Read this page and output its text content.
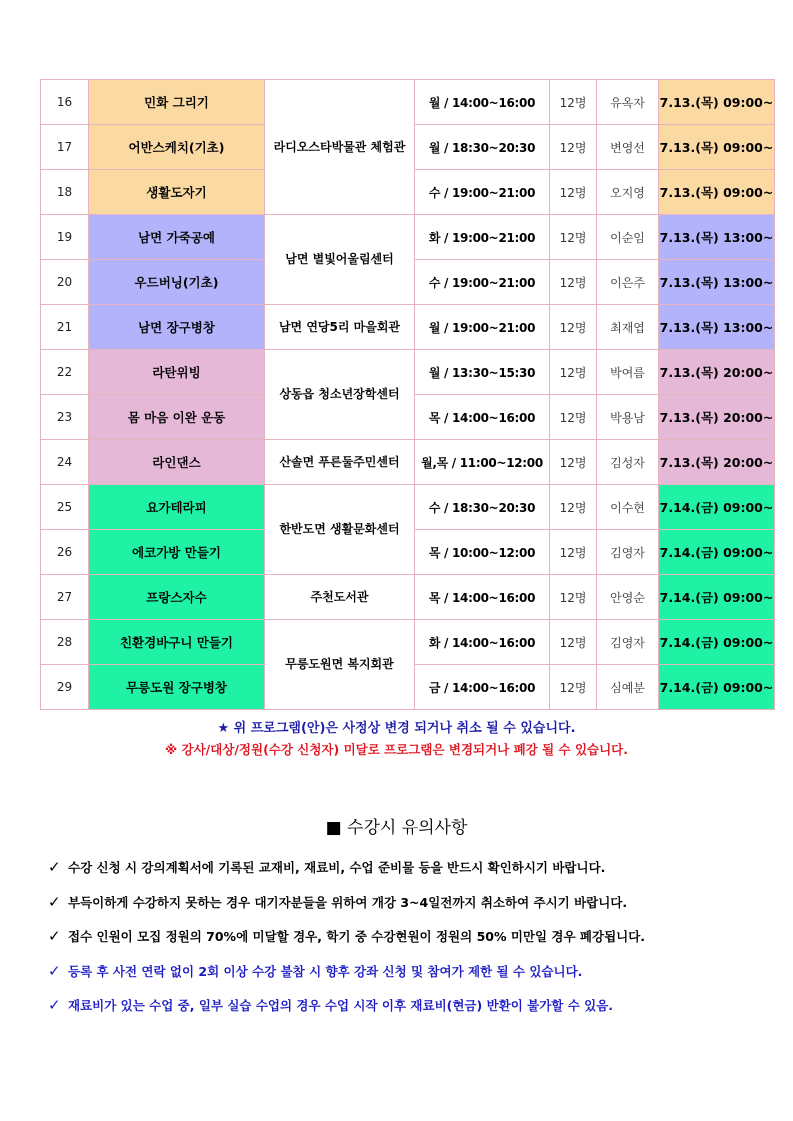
16	민화 그리기	라디오스타박물관 체험관	월 / 14:00~16:00	12명	유옥자	7.13.(목) 09:00~
17	어반스케치(기초)		월 / 18:30~20:30	12명	변영선	7.13.(목) 09:00~
18	생활도자기		수 / 19:00~21:00	12명	오지영	7.13.(목) 09:00~
19	남면 가죽공예	남면 별빛어울림센터	화 / 19:00~21:00	12명	이순임	7.13.(목) 13:00~
20	우드버닝(기초)		수 / 19:00~21:00	12명	이은주	7.13.(목) 13:00~
21	남면 장구병창	남면 연당5리 마을회관	월 / 19:00~21:00	12명	최재엽	7.13.(목) 13:00~
22	라탄위빙	상동읍 청소년장학센터	월 / 13:30~15:30	12명	박여름	7.13.(목) 20:00~
23	몸 마음 이완 운동		목 / 14:00~16:00	12명	박용남	7.13.(목) 20:00~
24	라인댄스	산솔면 푸른둘주민센터	월,목 / 11:00~12:00	12명	김성자	7.13.(목) 20:00~
25	요가테라피	한반도면 생활문화센터	수 / 18:30~20:30	12명	이수현	7.14.(금) 09:00~
26	에코가방 만들기		목 / 10:00~12:00	12명	김영자	7.14.(금) 09:00~
27	프랑스자수	주천도서관	목 / 14:00~16:00	12명	안영순	7.14.(금) 09:00~
28	친환경바구니 만들기	무릉도원면 복지회관	화 / 14:00~16:00	12명	김영자	7.14.(금) 09:00~
29	무릉도원 장구병창		금 / 14:00~16:00	12명	심예분	7.14.(금) 09:00~
★ 위 프로그램(안)은 사정상 변경 되거나 취소 될 수 있습니다.
※ 강사/대상/정원(수강 신청자) 미달로 프로그램은 변경되거나 폐강 될 수 있습니다.
■ 수강시 유의사항
✓ 수강 신청 시 강의계획서에 기록된 교재비, 재료비, 수업 준비물 등을 반드시 확인하시기 바랍니다.
✓ 부득이하게 수강하지 못하는 경우 대기자분들을 위하여 개강 3~4일전까지 취소하여 주시기 바랍니다.
✓ 접수 인원이 모집 정원의 70%에 미달할 경우, 학기 중 수강현원이 정원의 50% 미만일 경우 폐강됩니다.
✓ 등록 후 사전 연락 없이 2회 이상 수강 불참 시 향후 강좌 신청 및 참여가 제한 될 수 있습니다.
✓ 재료비가 있는 수업 중, 일부 실습 수업의 경우 수업 시작 이후 재료비(현금) 반환이 불가할 수 있음.
